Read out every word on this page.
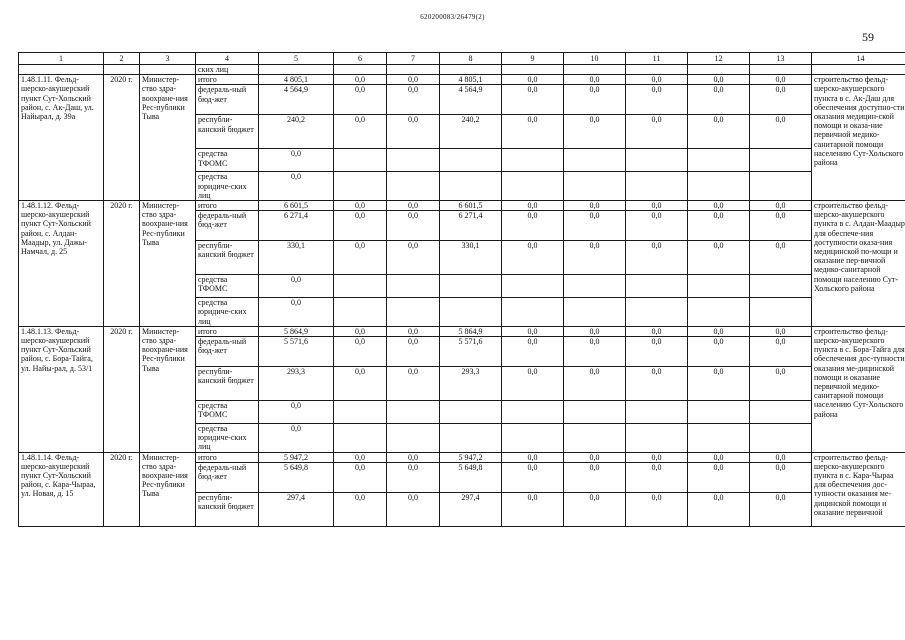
620200083/26479(2)
59
1	2	3	4	5	6	7	8	9	10	11	12	13	14
			ских лиц										
1.48.1.11. Фельд-шерско-акушерский пункт Сут-Хольский район, с. Ак-Даш, ул. Найырал, д. 39а	2020 г.	Министер-ство здра-воохране-ния Рес-публики Тыва	итого	4 805,1	0,0	0,0	4 805,1	0,0	0,0	0,0	0,0	0,0	строительство фельд-шерско-акушерского пункта в с. Ак-Даш для обеспечения доступно-сти оказания медицин-ской помощи и оказа-ние первичной медико-санитарной помощи населению Сут-Хольского района
			федераль-ный бюд-жет	4 564,9	0,0	0,0	4 564,9	0,0	0,0	0,0	0,0	0,0	
			республи-канский бюджет	240,2	0,0	0,0	240,2	0,0	0,0	0,0	0,0	0,0	
			средства ТФОМС	0,0									
			средства юридиче-ских лиц	0,0									
1.48.1.12. Фельд-шерско-акушерский пункт Сут-Хольский район, с. Алдан-Маадыр, ул. Дажы-Намчал, д. 25	2020 г.	Министер-ство здра-воохране-ния Рес-публики Тыва	итого	6 601,5	0,0	0,0	6 601,5	0,0	0,0	0,0	0,0	0,0	строительство фельд-шерско-акушерского пункта в с. Алдан-Маадыр для обеспече-ния доступности оказа-ния медицинской по-мощи и оказание пер-вичной медико-санитарной помощи населению Сут-Хольского района
			федераль-ный бюд-жет	6 271,4	0,0	0,0	6 271,4	0,0	0,0	0,0	0,0	0,0	
			республи-канский бюджет	330,1	0,0	0,0	330,1	0,0	0,0	0,0	0,0	0,0	
			средства ТФОМС	0,0									
			средства юридиче-ских лиц	0,0									
1.48.1.13. Фельд-шерско-акушерский пункт Сут-Хольский район, с. Бора-Тайга, ул. Найы-рал, д. 53/1	2020 г.	Министер-ство здра-воохране-ния Рес-публики Тыва	итого	5 864,9	0,0	0,0	5 864,9	0,0	0,0	0,0	0,0	0,0	строительство фельд-шерско-акушерского пункта в с. Бора-Тайга для обеспечения дос-тупности оказания ме-дицинской помощи и оказание первичной медико-санитарной помощи населению Сут-Хольского района
			федераль-ный бюд-жет	5 571,6	0,0	0,0	5 571,6	0,0	0,0	0,0	0,0	0,0	
			республи-канский бюджет	293,3	0,0	0,0	293,3	0,0	0,0	0,0	0,0	0,0	
			средства ТФОМС	0,0									
			средства юридиче-ских лиц	0,0									
1.48.1.14. Фельд-шерско-акушерский пункт Сут-Хольский район, с. Кара-Чыраа, ул. Новая, д. 15	2020 г.	Министер-ство здра-воохране-ния Рес-публики Тыва	итого	5 947,2	0,0	0,0	5 947,2	0,0	0,0	0,0	0,0	0,0	строительство фельд-шерско-акушерского пункта в с. Кара-Чыраа для обеспечения дос-тупности оказания ме-дицинской помощи и оказание первичной
			федераль-ный бюд-жет	5 649,8	0,0	0,0	5 649,8	0,0	0,0	0,0	0,0	0,0	
			республи-канский бюджет	297,4	0,0	0,0	297,4	0,0	0,0	0,0	0,0	0,0	
